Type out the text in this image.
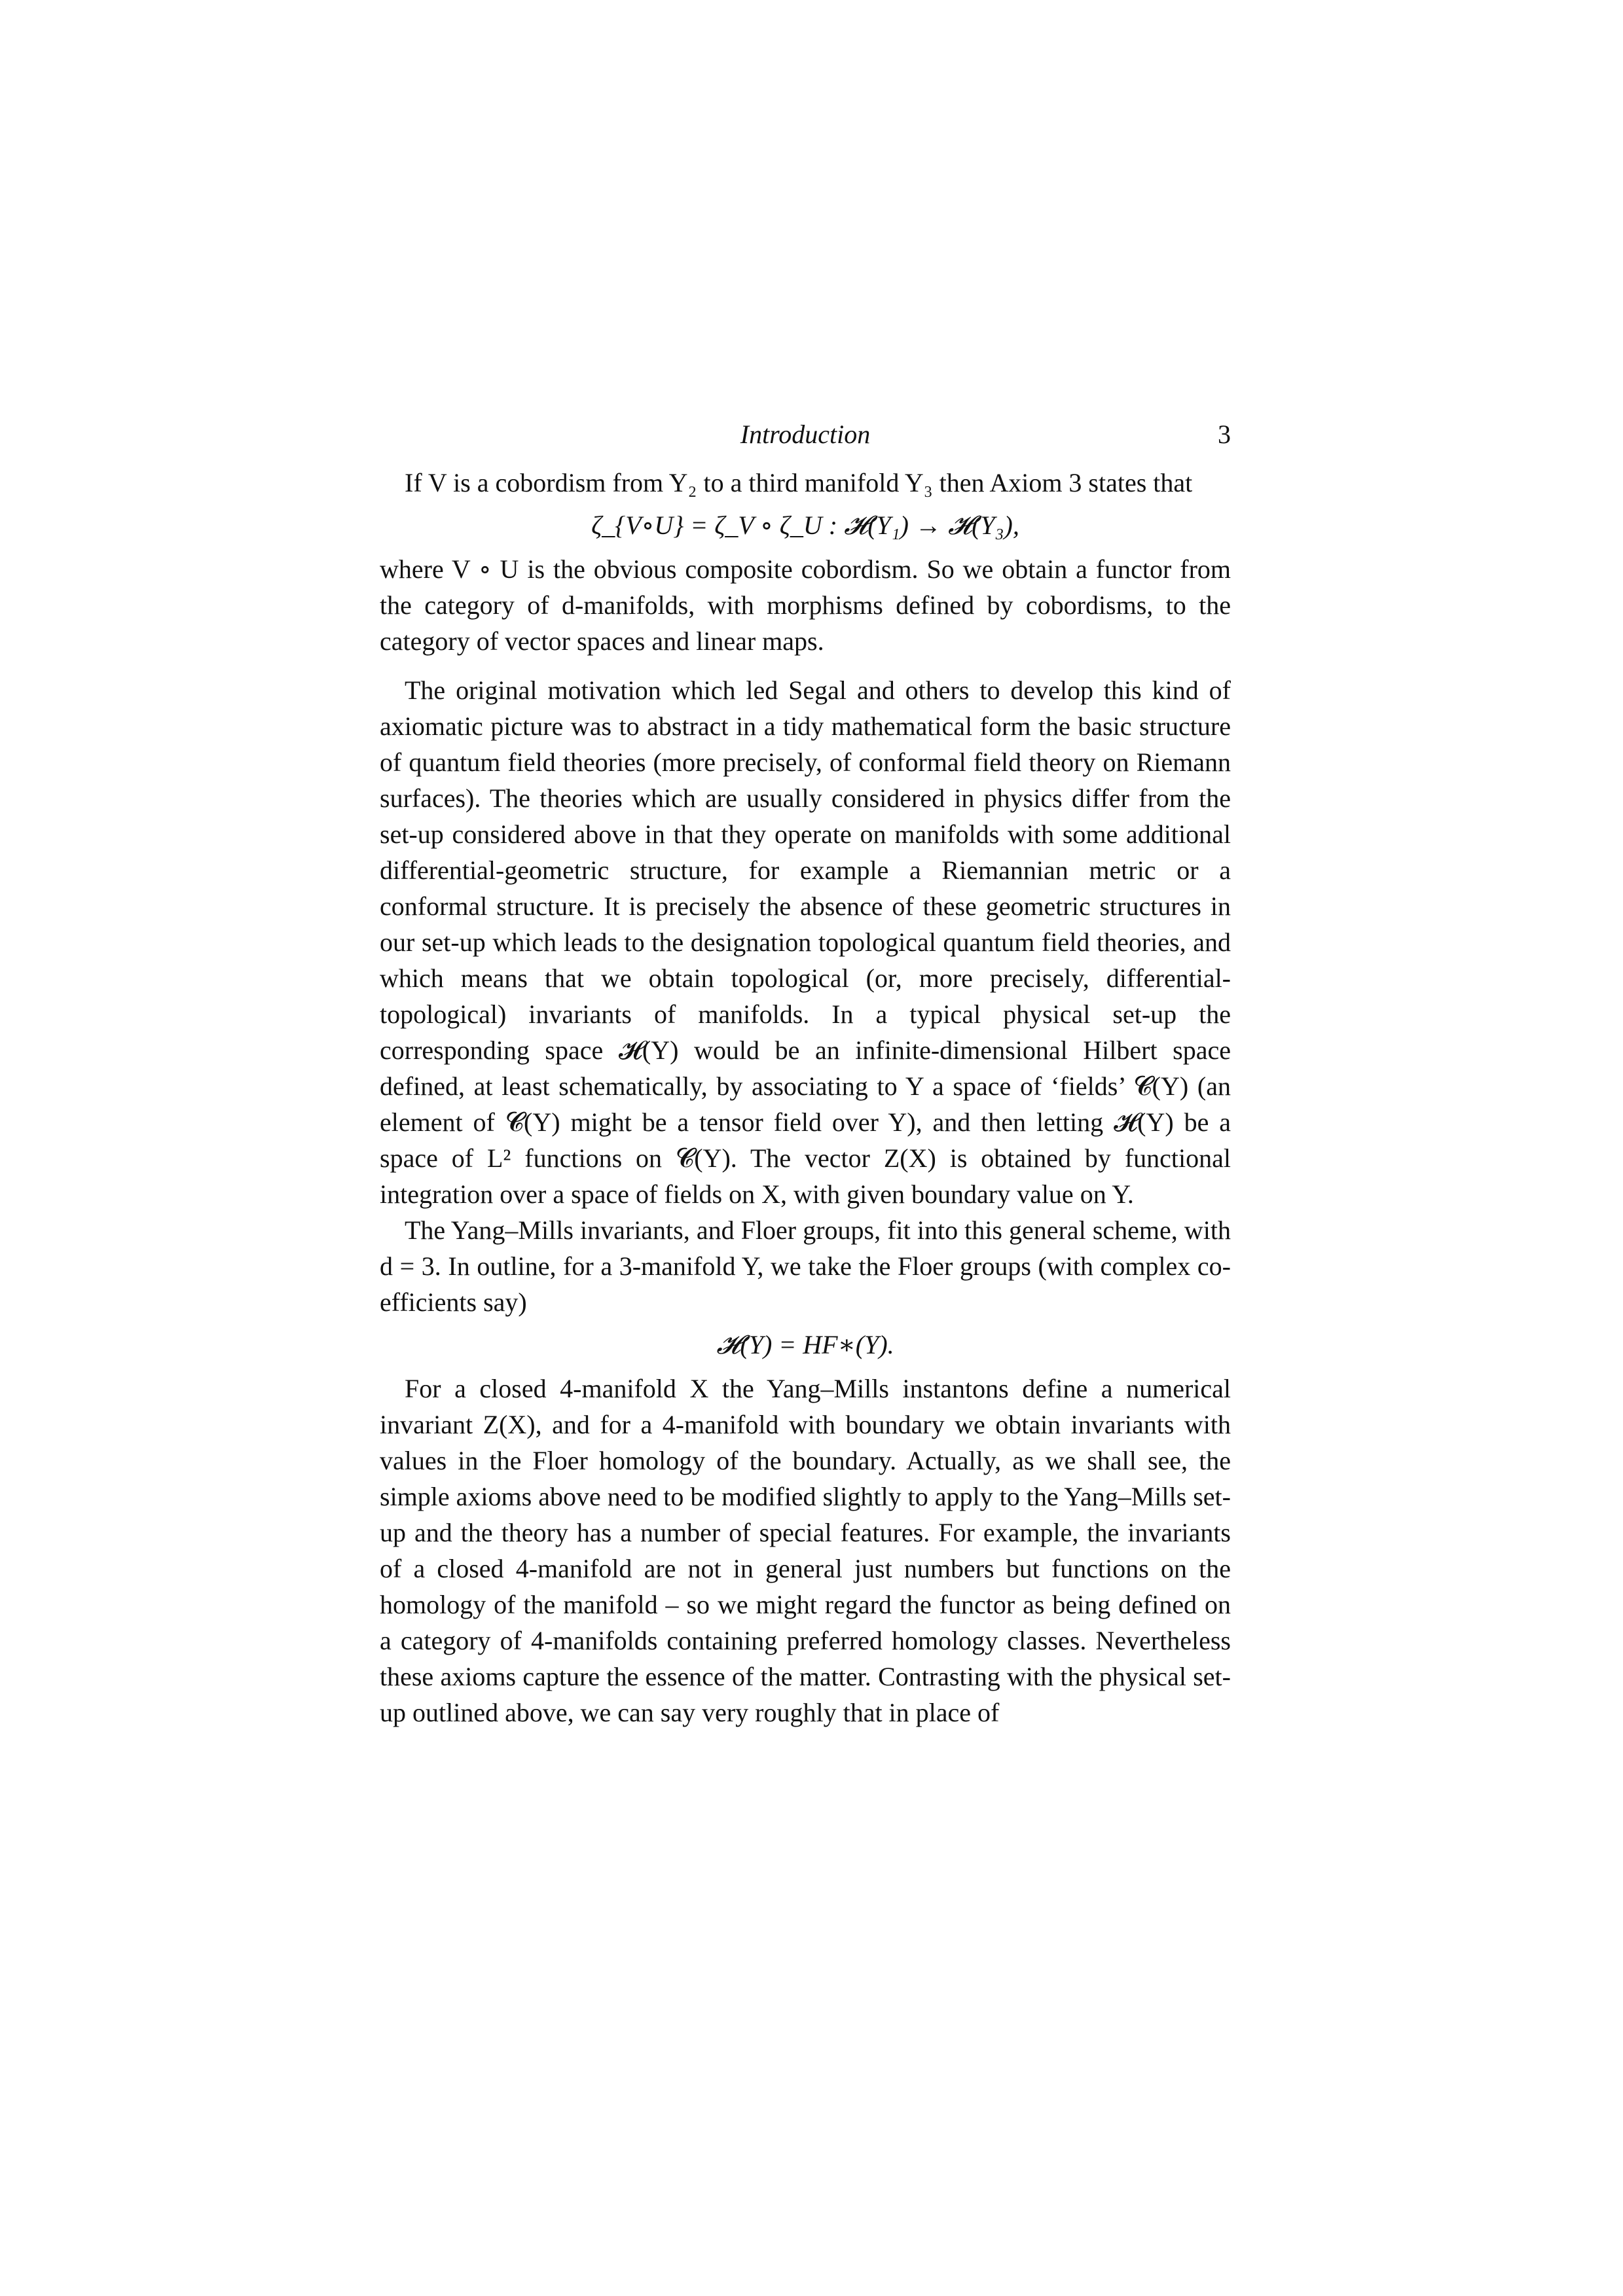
Introduction	3

If V is a cobordism from Y₂ to a third manifold Y₃ then Axiom 3 states that

ζ_{V∘U} = ζ_V ∘ ζ_U : 𝓗(Y₁) → 𝓗(Y₃),

where V ∘ U is the obvious composite cobordism. So we obtain a functor from the category of d-manifolds, with morphisms defined by cobordisms, to the category of vector spaces and linear maps.

The original motivation which led Segal and others to develop this kind of axiomatic picture was to abstract in a tidy mathematical form the basic structure of quantum field theories (more precisely, of conformal field theory on Riemann surfaces). The theories which are usually considered in physics differ from the set-up considered above in that they operate on manifolds with some additional differential-geometric structure, for example a Riemannian metric or a conformal structure. It is precisely the absence of these geometric structures in our set-up which leads to the designation topological quantum field theories, and which means that we obtain topological (or, more precisely, differential-topological) invariants of manifolds. In a typical physical set-up the corresponding space 𝓗(Y) would be an infinite-dimensional Hilbert space defined, at least schematically, by associating to Y a space of ‘fields’ 𝓒(Y) (an element of 𝓒(Y) might be a tensor field over Y), and then letting 𝓗(Y) be a space of L² functions on 𝓒(Y). The vector Z(X) is obtained by functional integration over a space of fields on X, with given boundary value on Y.

The Yang–Mills invariants, and Floer groups, fit into this general scheme, with d = 3. In outline, for a 3-manifold Y, we take the Floer groups (with complex co-efficients say)

𝓗(Y) = HF∗(Y).

For a closed 4-manifold X the Yang–Mills instantons define a numerical invariant Z(X), and for a 4-manifold with boundary we obtain invariants with values in the Floer homology of the boundary. Actually, as we shall see, the simple axioms above need to be modified slightly to apply to the Yang–Mills set-up and the theory has a number of special features. For example, the invariants of a closed 4-manifold are not in general just numbers but functions on the homology of the manifold – so we might regard the functor as being defined on a category of 4-manifolds containing preferred homology classes. Nevertheless these axioms capture the essence of the matter. Contrasting with the physical set-up outlined above, we can say very roughly that in place of
